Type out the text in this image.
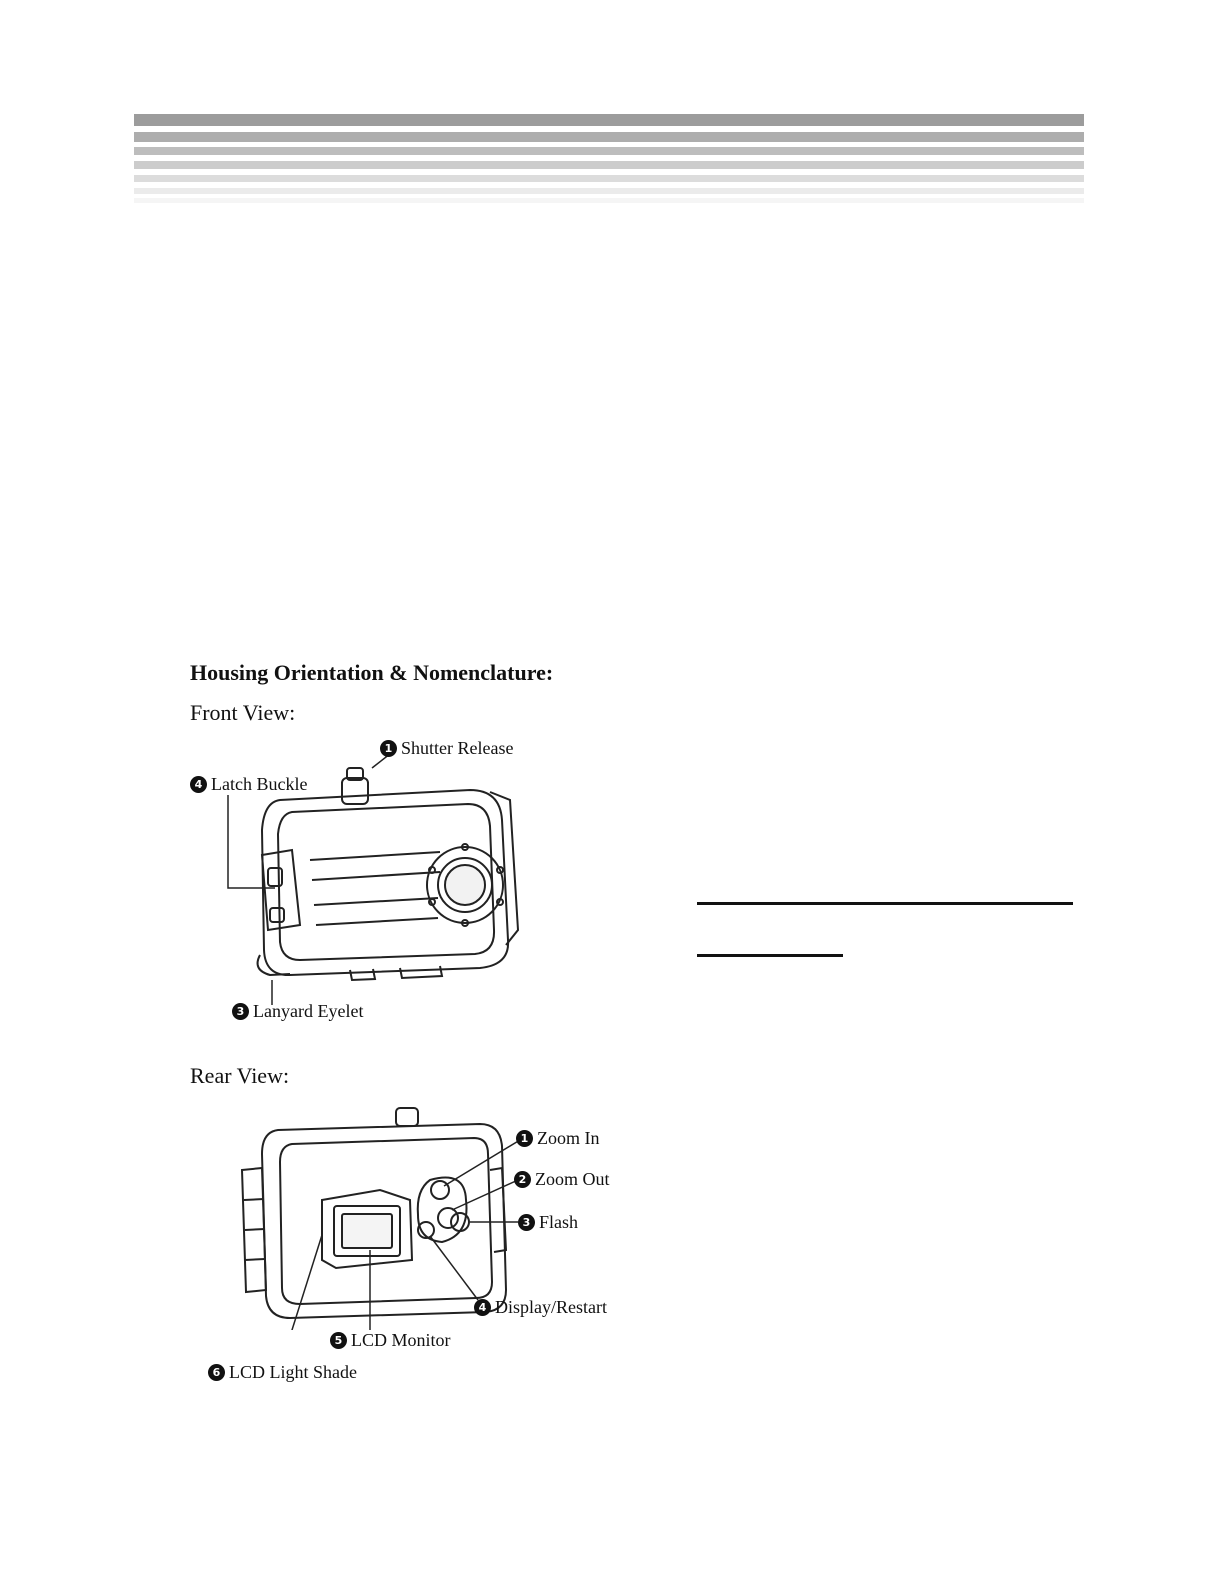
Housing Orientation & Nomenclature:
Front View:
1 Shutter Release
4 Latch Buckle
3 Lanyard Eyelet
Rear View:
1 Zoom In
2 Zoom Out
3 Flash
4 Display/Restart
5 LCD Monitor
6 LCD Light Shade
